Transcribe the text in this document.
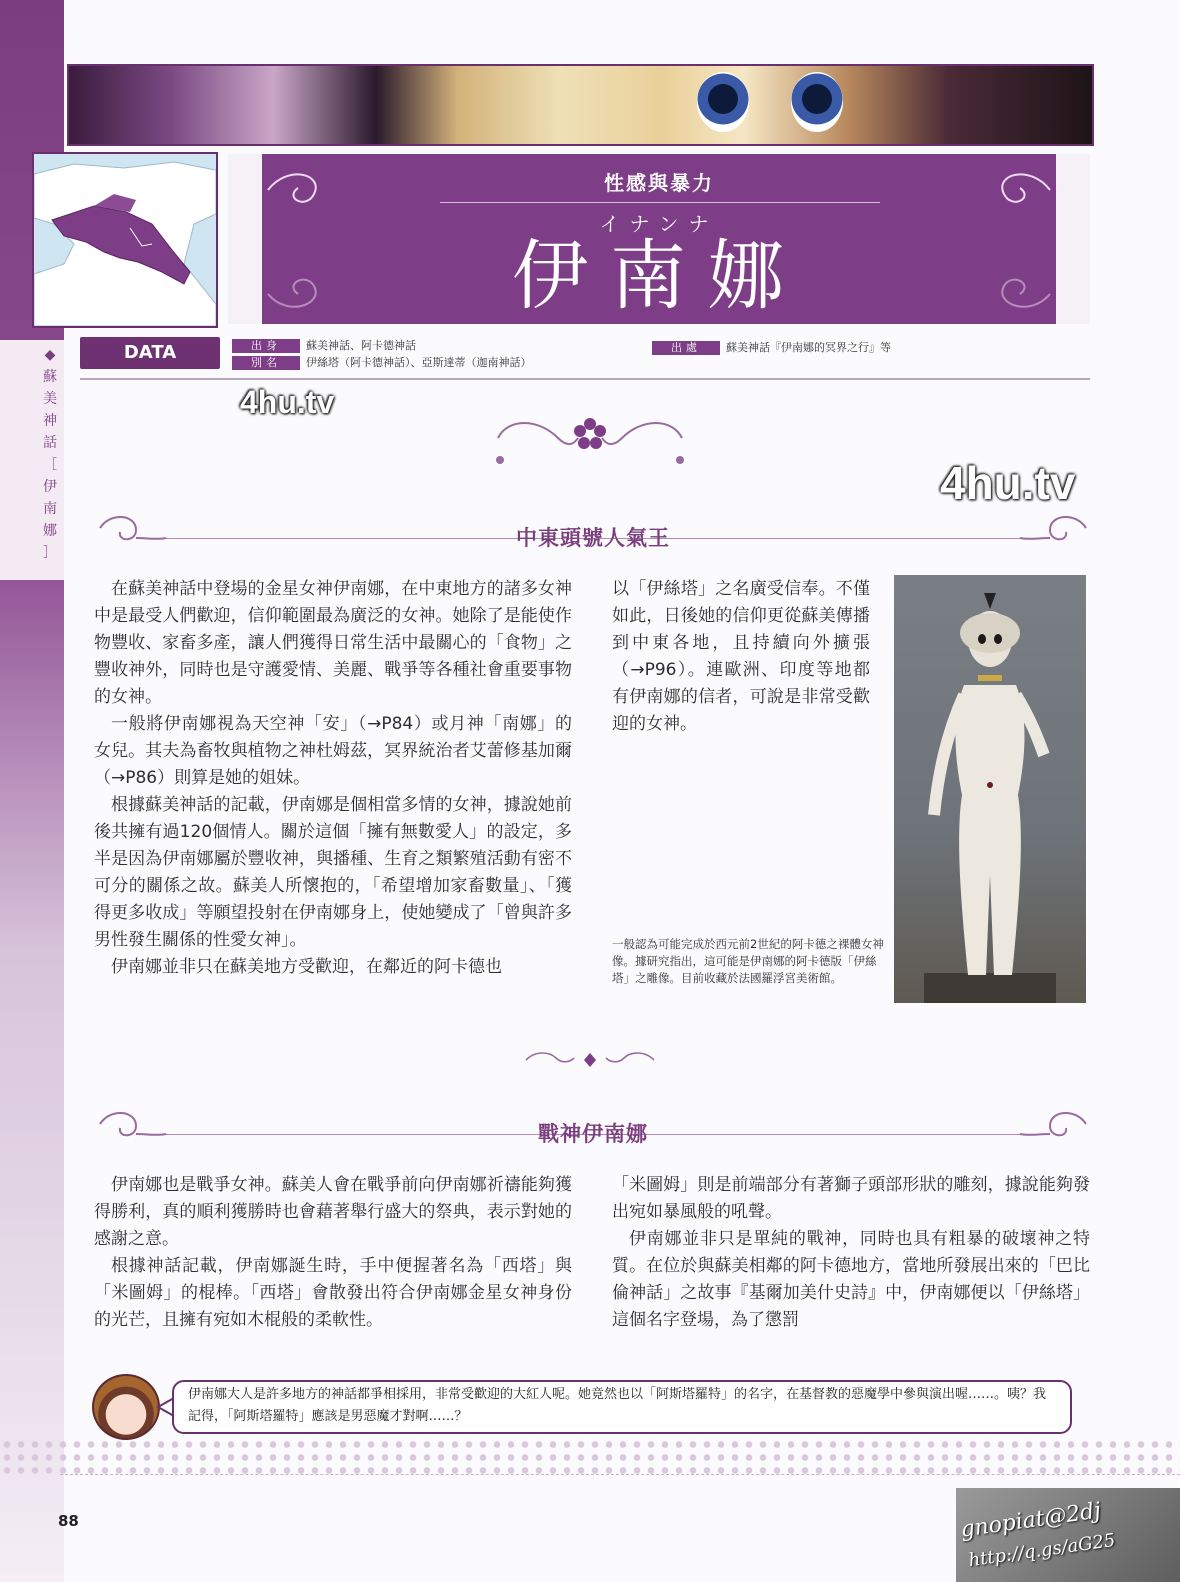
◆
蘇
美
神
話
［
伊
南
娜
］
性感與暴力
イナンナ
伊南娜
DATA	出身	蘇美神話、阿卡德神話
別名	伊絲塔（阿卡德神話）、亞斯達蒂（迦南神話）
出處	蘇美神話『伊南娜的冥界之行』等
4hu.tv
4hu.tv
中東頭號人氣王

在蘇美神話中登場的金星女神伊南娜，在中東地方的諸多女神中是最受人們歡迎，信仰範圍最為廣泛的女神。她除了是能使作物豐收、家畜多產，讓人們獲得日常生活中最關心的「食物」之豐收神外，同時也是守護愛情、美麗、戰爭等各種社會重要事物的女神。

一般將伊南娜視為天空神「安」（→P84）或月神「南娜」的女兒。其夫為畜牧與植物之神杜姆茲，冥界統治者艾蕾修基加爾（→P86）則算是她的姐妹。

根據蘇美神話的記載，伊南娜是個相當多情的女神，據說她前後共擁有過120個情人。關於這個「擁有無數愛人」的設定，多半是因為伊南娜屬於豐收神，與播種、生育之類繁殖活動有密不可分的關係之故。蘇美人所懷抱的，「希望增加家畜數量」、「獲得更多收成」等願望投射在伊南娜身上，使她變成了「曾與許多男性發生關係的性愛女神」。

伊南娜並非只在蘇美地方受歡迎，在鄰近的阿卡德也

以「伊絲塔」之名廣受信奉。不僅如此，日後她的信仰更從蘇美傳播到中東各地，且持續向外擴張（→P96）。連歐洲、印度等地都有伊南娜的信者，可說是非常受歡迎的女神。

一般認為可能完成於西元前2世紀的阿卡德之裸體女神像。據研究指出，這可能是伊南娜的阿卡德版「伊絲塔」之雕像。目前收藏於法國羅浮宮美術館。
戰神伊南娜

伊南娜也是戰爭女神。蘇美人會在戰爭前向伊南娜祈禱能夠獲得勝利，真的順利獲勝時也會藉著舉行盛大的祭典，表示對她的感謝之意。

根據神話記載，伊南娜誕生時，手中便握著名為「西塔」與「米圖姆」的棍棒。「西塔」會散發出符合伊南娜金星女神身份的光芒，且擁有宛如木棍般的柔軟性。

「米圖姆」則是前端部分有著獅子頭部形狀的雕刻，據說能夠發出宛如暴風般的吼聲。

伊南娜並非只是單純的戰神，同時也具有粗暴的破壞神之特質。在位於與蘇美相鄰的阿卡德地方，當地所發展出來的「巴比倫神話」之故事『基爾加美什史詩』中，伊南娜便以「伊絲塔」這個名字登場，為了懲罰

伊南娜大人是許多地方的神話都爭相採用，非常受歡迎的大紅人呢。她竟然也以「阿斯塔羅特」的名字，在基督教的惡魔學中參與演出喔……。咦？我記得，「阿斯塔羅特」應該是男惡魔才對啊……？
88	gnopiat@2dj
http://q.gs/aG25
